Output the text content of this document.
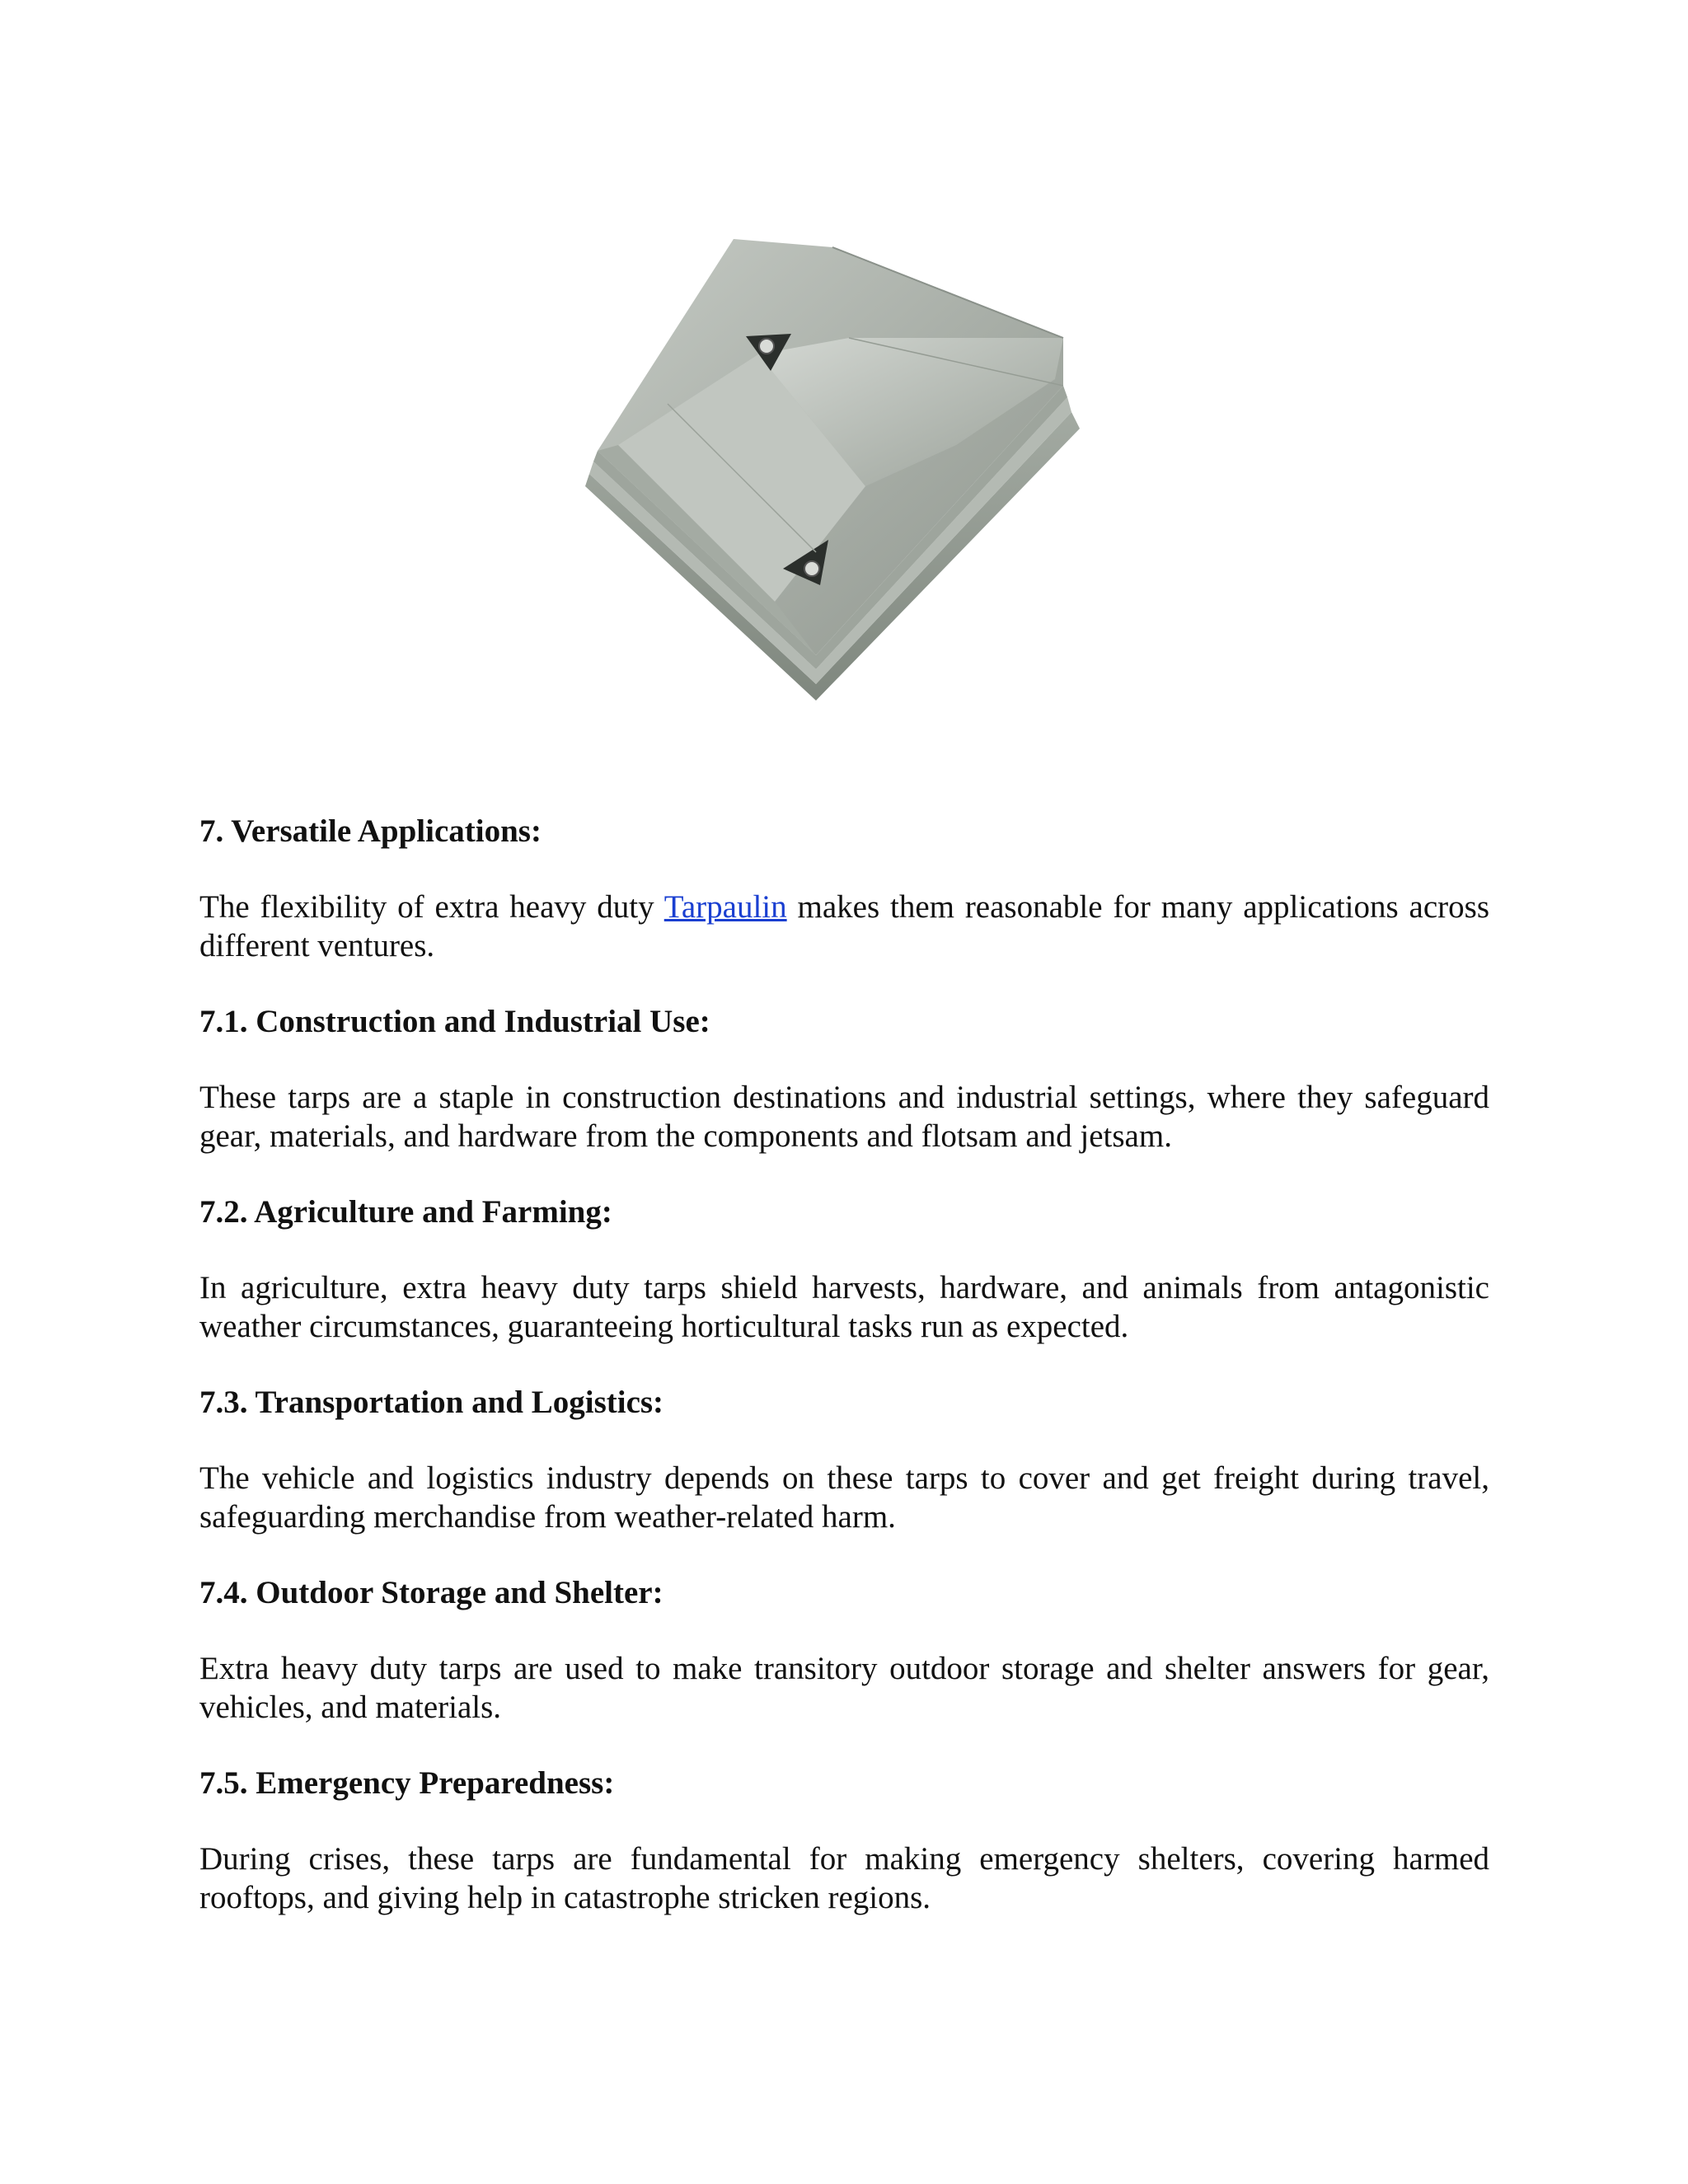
7. Versatile Applications:

The flexibility of extra heavy duty Tarpaulin makes them reasonable for many applications across different ventures.

7.1. Construction and Industrial Use:

These tarps are a staple in construction destinations and industrial settings, where they safeguard gear, materials, and hardware from the components and flotsam and jetsam.

7.2. Agriculture and Farming:

In agriculture, extra heavy duty tarps shield harvests, hardware, and animals from antagonistic weather circumstances, guaranteeing horticultural tasks run as expected.

7.3. Transportation and Logistics:

The vehicle and logistics industry depends on these tarps to cover and get freight during travel, safeguarding merchandise from weather-related harm.

7.4. Outdoor Storage and Shelter:

Extra heavy duty tarps are used to make transitory outdoor storage and shelter answers for gear, vehicles, and materials.

7.5. Emergency Preparedness:

During crises, these tarps are fundamental for making emergency shelters, covering harmed rooftops, and giving help in catastrophe stricken regions.
